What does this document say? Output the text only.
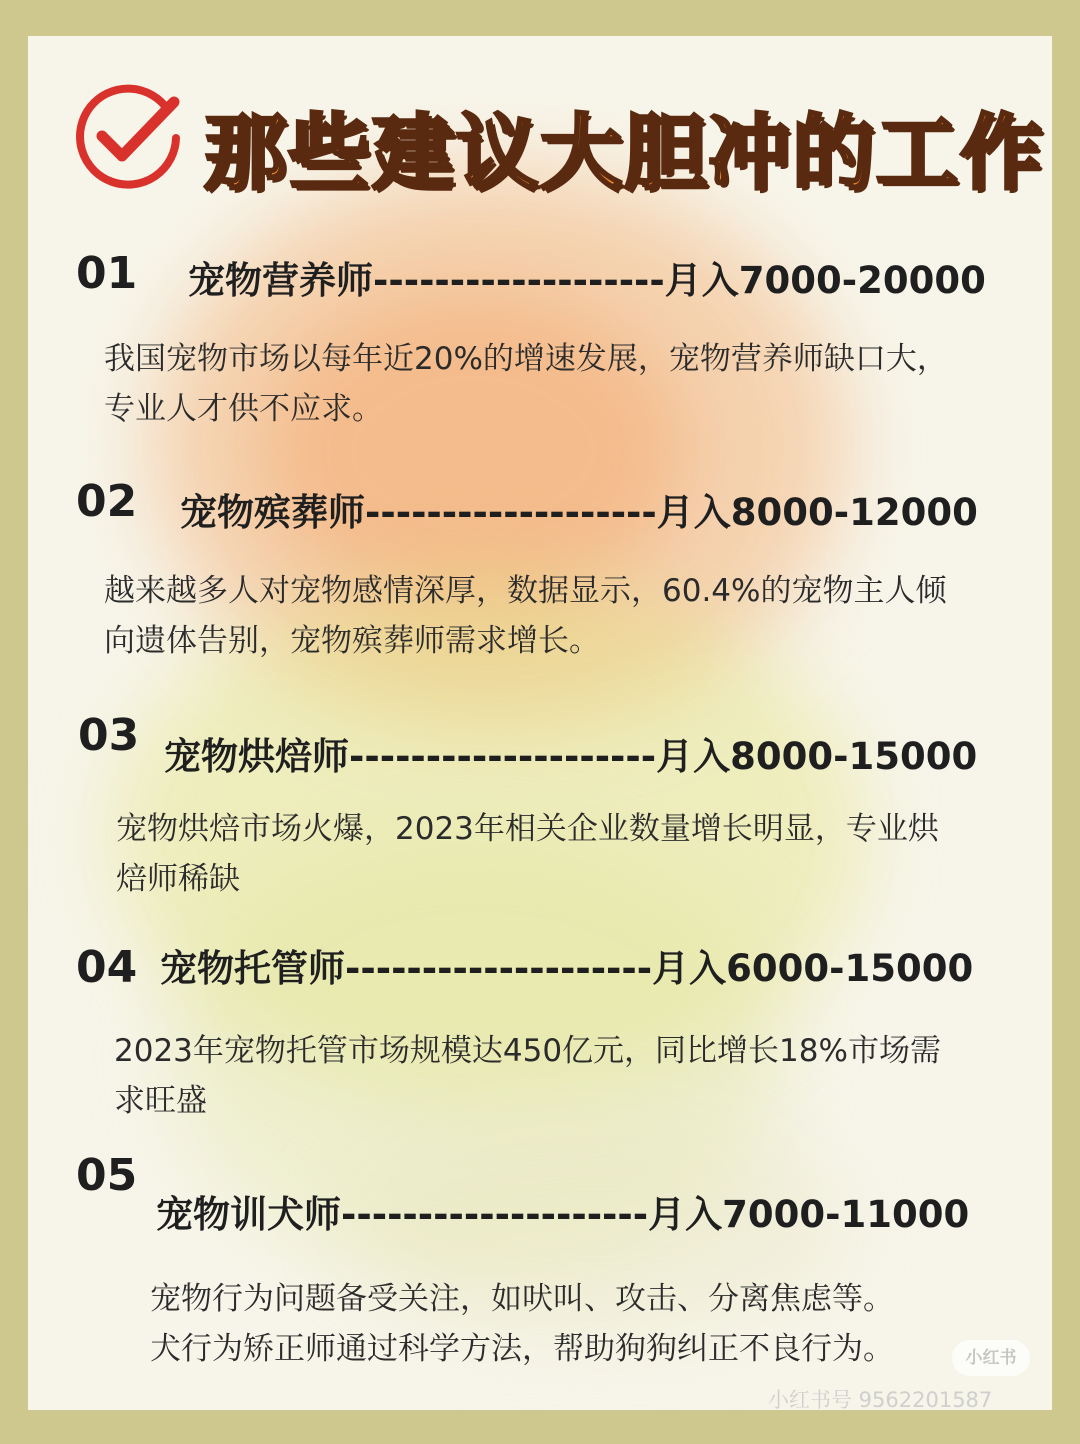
那些建议大胆冲的工作
01 宠物营养师-------------------月入7000-20000

我国宠物市场以每年近20%的增速发展，宠物营养师缺口大，
专业人才供不应求。

02 宠物殡葬师-------------------月入8000-12000

越来越多人对宠物感情深厚，数据显示，60.4%的宠物主人倾
向遗体告别，宠物殡葬师需求增长。

03 宠物烘焙师--------------------月入8000-15000

宠物烘焙市场火爆，2023年相关企业数量增长明显，专业烘
焙师稀缺

04 宠物托管师--------------------月入6000-15000

2023年宠物托管市场规模达450亿元，同比增长18%市场需
求旺盛

05
宠物训犬师--------------------月入7000-11000

宠物行为问题备受关注，如吠叫、攻击、分离焦虑等。
犬行为矫正师通过科学方法，帮助狗狗纠正不良行为。	小红书
小红书号 9562201587
